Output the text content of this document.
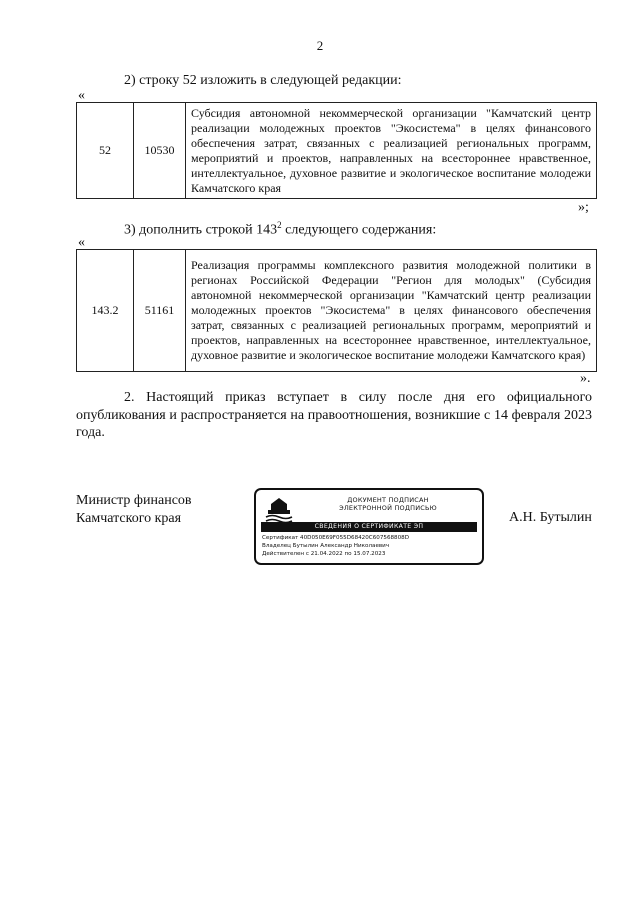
2
2) строку 52 изложить в следующей редакции:
«
52	10530	Субсидия автономной некоммерческой организации "Камчатский центр реализации молодежных проектов "Экосистема" в целях финансового обеспечения затрат, связанных с реализацией региональных программ, мероприятий и проектов, направленных на всестороннее нравственное, интеллектуальное, духовное развитие и экологическое воспитание молодежи Камчатского края
»;
3) дополнить строкой $143^2$ следующего содержания:
«
143.2	51161	Реализация программы комплексного развития молодежной политики в регионах Российской Федерации "Регион для молодых" (Субсидия автономной некоммерческой организации "Камчатский центр реализации молодежных проектов "Экосистема" в целях финансового обеспечения затрат, связанных с реализацией региональных программ, мероприятий и проектов, направленных на всестороннее нравственное, интеллектуальное, духовное развитие и экологическое воспитание молодежи Камчатского края)
».
2. Настоящий приказ вступает в силу после дня его официального опубликования и распространяется на правоотношения, возникшие с 14 февраля 2023 года.
Министр финансов
Камчатского края
ДОКУМЕНТ ПОДПИСАН
ЭЛЕКТРОННОЙ ПОДПИСЬЮ
СВЕДЕНИЯ О СЕРТИФИКАТЕ ЭП
Сертификат 40D050E69F055D68420C607568808D
Владелец Бутылин Александр Николаевич
Действителен с 21.04.2022 по 15.07.2023
А.Н. Бутылин
